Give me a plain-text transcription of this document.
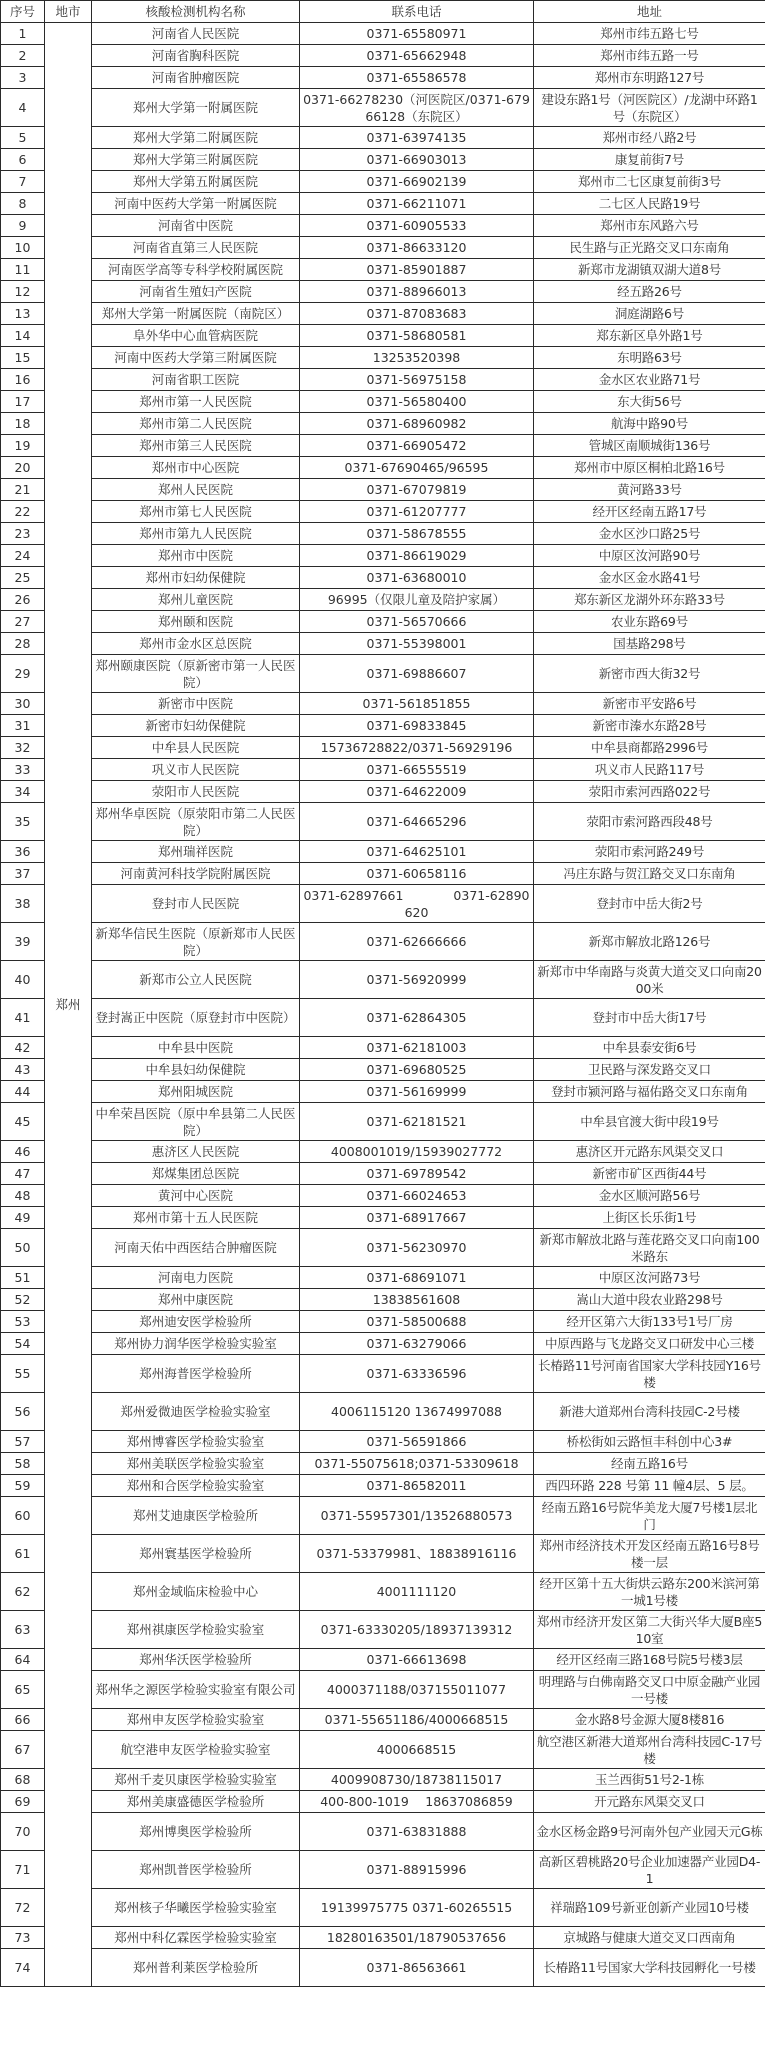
序号	地市	核酸检测机构名称	联系电话	地址
1	郑州	河南省人民医院	0371-65580971	郑州市纬五路七号
2		河南省胸科医院	0371-65662948	郑州市纬五路一号
3		河南省肿瘤医院	0371-65586578	郑州市东明路127号
4		郑州大学第一附属医院	0371-66278230（河医院区/0371-67966128（东院区）	建设东路1号（河医院区）/龙湖中环路1号（东院区）
5		郑州大学第二附属医院	0371-63974135	郑州市经八路2号
6		郑州大学第三附属医院	0371-66903013	康复前街7号
7		郑州大学第五附属医院	0371-66902139	郑州市二七区康复前街3号
8		河南中医药大学第一附属医院	0371-66211071	二七区人民路19号
9		河南省中医院	0371-60905533	郑州市东风路六号
10		河南省直第三人民医院	0371-86633120	民生路与正光路交叉口东南角
11		河南医学高等专科学校附属医院	0371-85901887	新郑市龙湖镇双湖大道8号
12		河南省生殖妇产医院	0371-88966013	经五路26号
13		郑州大学第一附属医院（南院区）	0371-87083683	洞庭湖路6号
14		阜外华中心血管病医院	0371-58680581	郑东新区阜外路1号
15		河南中医药大学第三附属医院	13253520398	东明路63号
16		河南省职工医院	0371-56975158	金水区农业路71号
17		郑州市第一人民医院	0371-56580400	东大街56号
18		郑州市第二人民医院	0371-68960982	航海中路90号
19		郑州市第三人民医院	0371-66905472	管城区南顺城街136号
20		郑州市中心医院	0371-67690465/96595	郑州市中原区桐柏北路16号
21		郑州人民医院	0371-67079819	黄河路33号
22		郑州市第七人民医院	0371-61207777	经开区经南五路17号
23		郑州市第九人民医院	0371-58678555	金水区沙口路25号
24		郑州市中医院	0371-86619029	中原区汝河路90号
25		郑州市妇幼保健院	0371-63680010	金水区金水路41号
26		郑州儿童医院	96995（仅限儿童及陪护家属）	郑东新区龙湖外环东路33号
27		郑州颐和医院	0371-56570666	农业东路69号
28		郑州市金水区总医院	0371-55398001	国基路298号
29		郑州颐康医院（原新密市第一人民医院）	0371-69886607	新密市西大街32号
30		新密市中医院	0371-561851855	新密市平安路6号
31		新密市妇幼保健院	0371-69833845	新密市溱水东路28号
32		中牟县人民医院	15736728822/0371-56929196	中牟县商都路2996号
33		巩义市人民医院	0371-66555519	巩义市人民路117号
34		荥阳市人民医院	0371-64622009	荥阳市索河西路022号
35		郑州华卓医院（原荥阳市第二人民医院）	0371-64665296	荥阳市索河路西段48号
36		郑州瑞祥医院	0371-64625101	荥阳市索河路249号
37		河南黄河科技学院附属医院	0371-60658116	冯庄东路与贺江路交叉口东南角
38		登封市人民医院	0371-62897661　　　　0371-62890620	登封市中岳大街2号
39		新郑华信民生医院（原新郑市人民医院）	0371-62666666	新郑市解放北路126号
40		新郑市公立人民医院	0371-56920999	新郑市中华南路与炎黄大道交叉口向南2000米
41		登封嵩正中医院（原登封市中医院）	0371-62864305	登封市中岳大街17号
42		中牟县中医院	0371-62181003	中牟县泰安街6号
43		中牟县妇幼保健院	0371-69680525	卫民路与深发路交叉口
44		郑州阳城医院	0371-56169999	登封市颍河路与福佑路交叉口东南角
45		中牟荣昌医院（原中牟县第二人民医院）	0371-62181521	中牟县官渡大街中段19号
46		惠济区人民医院	4008001019/15939027772	惠济区开元路东风渠交叉口
47		郑煤集团总医院	0371-69789542	新密市矿区西街44号
48		黄河中心医院	0371-66024653	金水区顺河路56号
49		郑州市第十五人民医院	0371-68917667	上街区长乐街1号
50		河南天佑中西医结合肿瘤医院	0371-56230970	新郑市解放北路与莲花路交叉口向南100米路东
51		河南电力医院	0371-68691071	中原区汝河路73号
52		郑州中康医院	13838561608	嵩山大道中段农业路298号
53		郑州迪安医学检验所	0371-58500688	经开区第六大街133号1号厂房
54		郑州协力润华医学检验实验室	0371-63279066	中原西路与飞龙路交叉口研发中心三楼
55		郑州海普医学检验所	0371-63336596	长椿路11号河南省国家大学科技园Y16号楼
56		郑州爱微迪医学检验实验室	4006115120 13674997088	新港大道郑州台湾科技园C-2号楼
57		郑州博睿医学检验实验室	0371-56591866	桥松街如云路恒丰科创中心3#
58		郑州美联医学检验实验室	0371-55075618;0371-53309618	经南五路16号
59		郑州和合医学检验实验室	0371-86582011	西四环路 228 号第 11 幢4层、5 层。
60		郑州艾迪康医学检验所	0371-55957301/13526880573	经南五路16号院华美龙大厦7号楼1层北门
61		郑州寰基医学检验所	0371-53379981、18838916116	郑州市经济技术开发区经南五路16号8号楼一层
62		郑州金域临床检验中心	4001111120	经开区第十五大街烘云路东200米滨河第一城1号楼
63		郑州祺康医学检验实验室	0371-63330205/18937139312	郑州市经济开发区第二大街兴华大厦B座510室
64		郑州华沃医学检验所	0371-66613698	经开区经南三路168号院5号楼3层
65		郑州华之源医学检验实验室有限公司	4000371188/037155011077	明理路与白佛南路交叉口中原金融产业园一号楼
66		郑州申友医学检验实验室	0371-55651186/4000668515	金水路8号金源大厦8楼816
67		航空港申友医学检验实验室	4000668515	航空港区新港大道郑州台湾科技园C-17号楼
68		郑州千麦贝康医学检验实验室	4009908730/18738115017	玉兰西街51号2-1栋
69		郑州美康盛德医学检验所	400-800-1019　 18637086859	开元路东风渠交叉口
70		郑州博奥医学检验所	0371-63831888	金水区杨金路9号河南外包产业园天元G栋
71		郑州凯普医学检验所	0371-88915996	高新区碧桃路20号企业加速器产业园D4-1
72		郑州核子华曦医学检验实验室	19139975775 0371-60265515	祥瑞路109号新亚创新产业园10号楼
73		郑州中科亿霖医学检验实验室	18280163501/18790537656	京城路与健康大道交叉口西南角
74		郑州普利莱医学检验所	0371-86563661	长椿路11号国家大学科技园孵化一号楼
